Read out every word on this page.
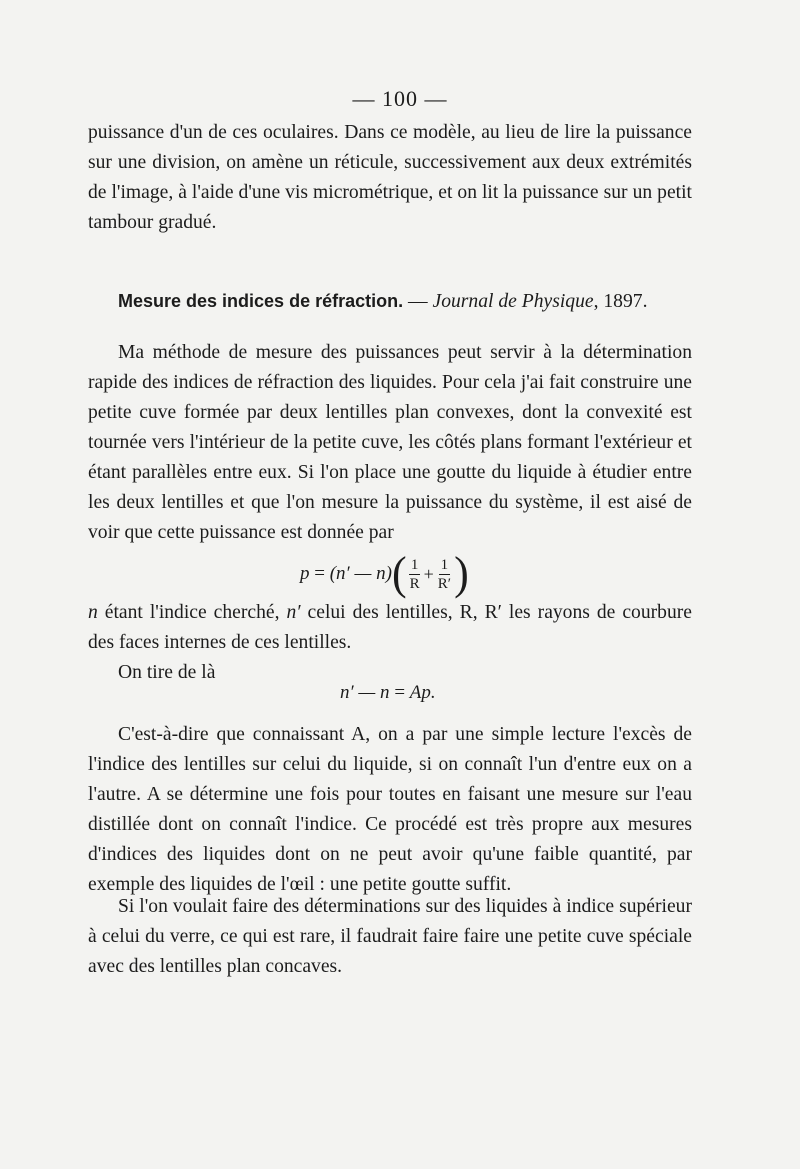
— 100 —

puissance d'un de ces oculaires. Dans ce modèle, au lieu de lire la puissance sur une division, on amène un réticule, successivement aux deux extrémités de l'image, à l'aide d'une vis micrométrique, et on lit la puissance sur un petit tambour gradué.

Mesure des indices de réfraction. — Journal de Physique, 1897.

Ma méthode de mesure des puissances peut servir à la détermination rapide des indices de réfraction des liquides. Pour cela j'ai fait construire une petite cuve formée par deux lentilles plan convexes, dont la convexité est tournée vers l'intérieur de la petite cuve, les côtés plans formant l'extérieur et étant parallèles entre eux. Si l'on place une goutte du liquide à étudier entre les deux lentilles et que l'on mesure la puissance du système, il est aisé de voir que cette puissance est donnée par

p = (n′ — n) ( $\frac{1}{R} + \frac{1}{R'}$ )

n étant l'indice cherché, n′ celui des lentilles, R, R′ les rayons de courbure des faces internes de ces lentilles.

On tire de là

n′ — n = Ap.

C'est-à-dire que connaissant A, on a par une simple lecture l'excès de l'indice des lentilles sur celui du liquide, si on connaît l'un d'entre eux on a l'autre. A se détermine une fois pour toutes en faisant une mesure sur l'eau distillée dont on connaît l'indice. Ce procédé est très propre aux mesures d'indices des liquides dont on ne peut avoir qu'une faible quantité, par exemple des liquides de l'œil : une petite goutte suffit.

Si l'on voulait faire des déterminations sur des liquides à indice supérieur à celui du verre, ce qui est rare, il faudrait faire faire une petite cuve spéciale avec des lentilles plan concaves.
